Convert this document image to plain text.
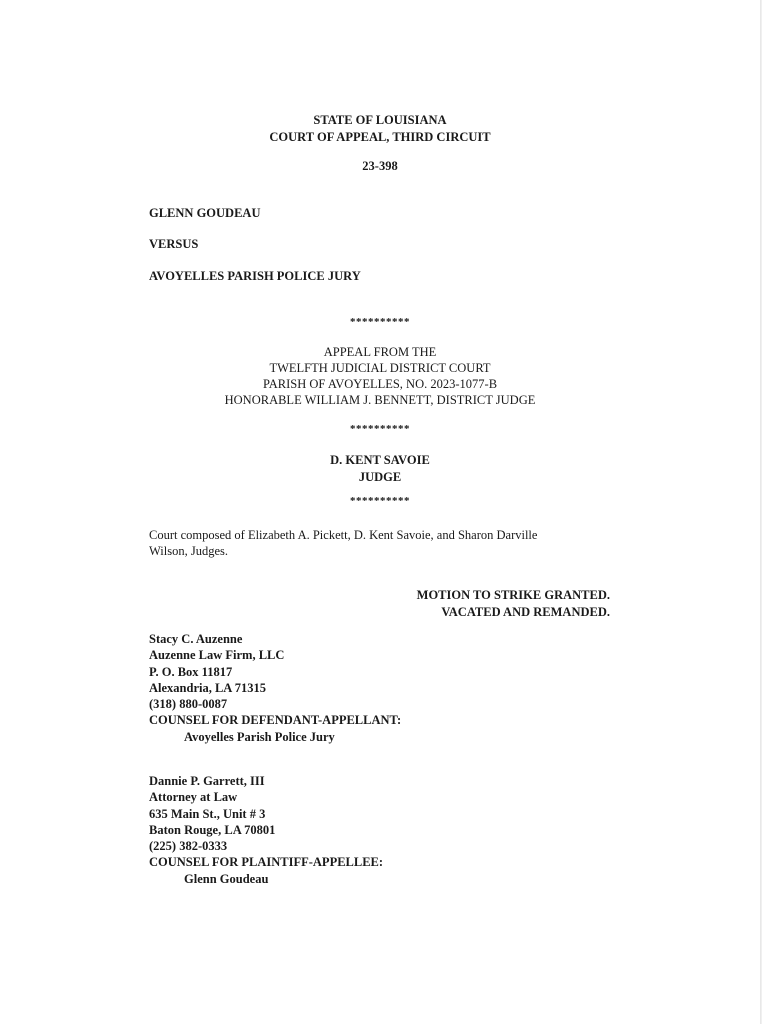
STATE OF LOUISIANA
COURT OF APPEAL, THIRD CIRCUIT
23-398
GLENN GOUDEAU
VERSUS
AVOYELLES PARISH POLICE JURY
**********
APPEAL FROM THE
TWELFTH JUDICIAL DISTRICT COURT
PARISH OF AVOYELLES, NO. 2023-1077-B
HONORABLE WILLIAM J. BENNETT, DISTRICT JUDGE
**********
D. KENT SAVOIE
JUDGE
**********
Court composed of Elizabeth A. Pickett, D. Kent Savoie, and Sharon Darville
Wilson, Judges.
MOTION TO STRIKE GRANTED.
VACATED AND REMANDED.
Stacy C. Auzenne
Auzenne Law Firm, LLC
P. O. Box 11817
Alexandria, LA 71315
(318) 880-0087
COUNSEL FOR DEFENDANT-APPELLANT:
Avoyelles Parish Police Jury
Dannie P. Garrett, III
Attorney at Law
635 Main St., Unit # 3
Baton Rouge, LA 70801
(225) 382-0333
COUNSEL FOR PLAINTIFF-APPELLEE:
Glenn Goudeau
